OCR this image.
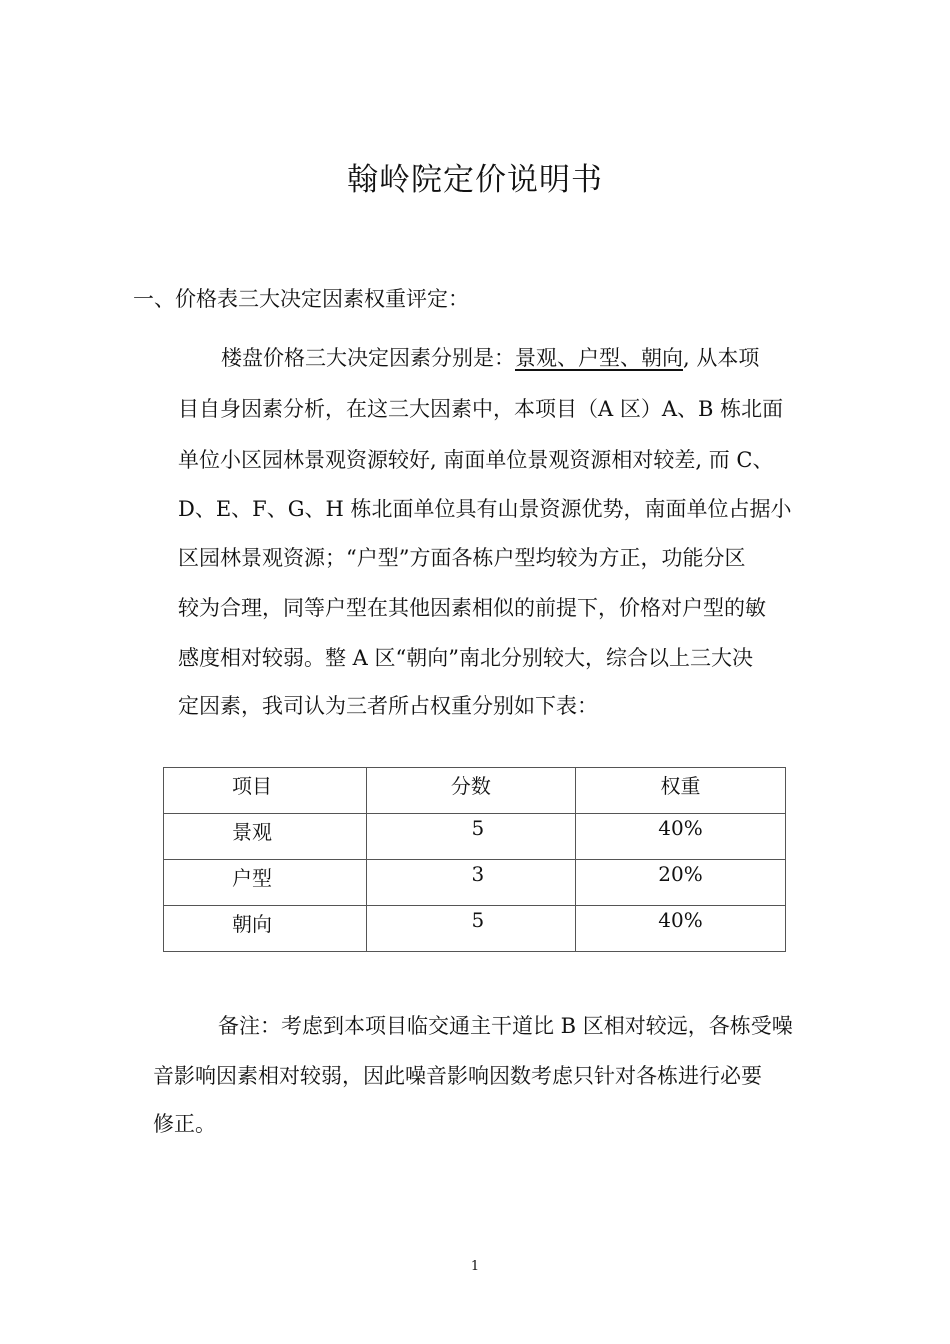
翰岭院定价说明书
一、价格表三大决定因素权重评定：
楼盘价格三大决定因素分别是：景观、户型、朝向, 从本项
目自身因素分析，在这三大因素中，本项目（A 区）A、B 栋北面
单位小区园林景观资源较好, 南面单位景观资源相对较差, 而 C、
D、E、F、G、H 栋北面单位具有山景资源优势，南面单位占据小
区园林景观资源；“户型”方面各栋户型均较为方正，功能分区
较为合理，同等户型在其他因素相似的前提下，价格对户型的敏
感度相对较弱。整 A 区“朝向”南北分别较大，综合以上三大决
定因素，我司认为三者所占权重分别如下表：
项目	分数	权重

景观	5	40%

户型	3	20%

朝向	5	40%
备注：考虑到本项目临交通主干道比 B 区相对较远，各栋受噪
音影响因素相对较弱，因此噪音影响因数考虑只针对各栋进行必要
修正。
1
